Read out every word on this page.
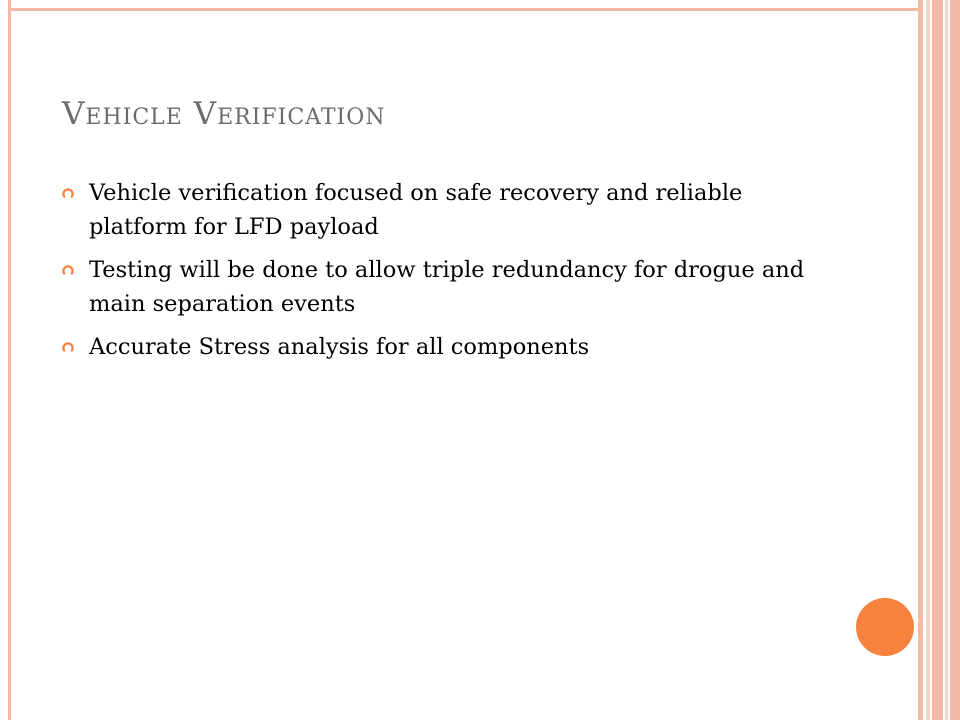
Vehicle Verification
Vehicle verification focused on safe recovery and reliable platform for LFD payload
Testing will be done to allow triple redundancy for drogue and main separation events
Accurate Stress analysis for all components
